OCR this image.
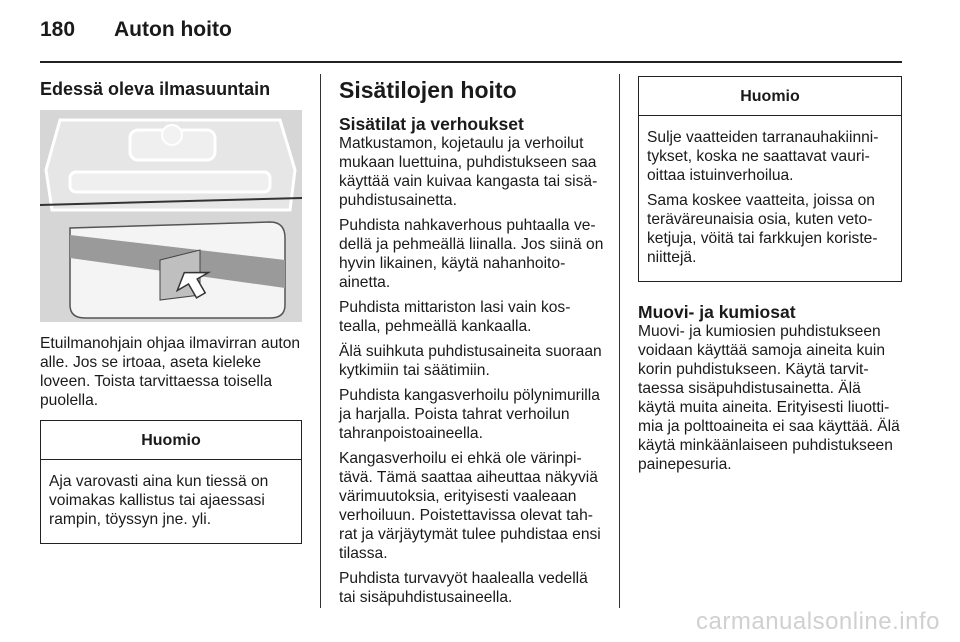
180 Auton hoito
Edessä oleva ilmasuuntain

Etuilmanohjain ohjaa ilmavirran auton alle. Jos se irtoaa, aseta kieleke loveen. Toista tarvittaessa toisella puolella.

Huomio

Aja varovasti aina kun tiessä on voimakas kallistus tai ajaessasi rampin, töyssyn jne. yli.

Sisätilojen hoito
Sisätilat ja verhoukset

Matkustamon, kojetaulu ja verhoilut mukaan luettuina, puhdistukseen saa käyttää vain kuivaa kangasta tai sisäpuhdistusainetta.

Puhdista nahkaverhous puhtaalla vedellä ja pehmeällä liinalla. Jos siinä on hyvin likainen, käytä nahanhoitoainetta.

Puhdista mittariston lasi vain kostealla, pehmeällä kankaalla.

Älä suihkuta puhdistusaineita suoraan kytkimiin tai säätimiin.

Puhdista kangasverhoilu pölynimurilla ja harjalla. Poista tahrat verhoilun tahranpoistoaineella.

Kangasverhoilu ei ehkä ole värinpitävä. Tämä saattaa aiheuttaa näkyviä värimuutoksia, erityisesti vaaleaan verhoiluun. Poistettavissa olevat tahrat ja värjäytymät tulee puhdistaa ensi tilassa.

Puhdista turvavyöt haalealla vedellä tai sisäpuhdistusaineella.

Huomio

Sulje vaatteiden tarranauhakiinnitykset, koska ne saattavat vaurioittaa istuinverhoilua.

Sama koskee vaatteita, joissa on teräväreunaisia osia, kuten vetoketjuja, vöitä tai farkkujen koristeniittejä.

Muovi- ja kumiosat

Muovi- ja kumiosien puhdistukseen voidaan käyttää samoja aineita kuin korin puhdistukseen. Käytä tarvittaessa sisäpuhdistusainetta. Älä käytä muita aineita. Erityisesti liuottimia ja polttoaineita ei saa käyttää. Älä käytä minkäänlaiseen puhdistukseen painepesuria.

carmanualsonline.info
